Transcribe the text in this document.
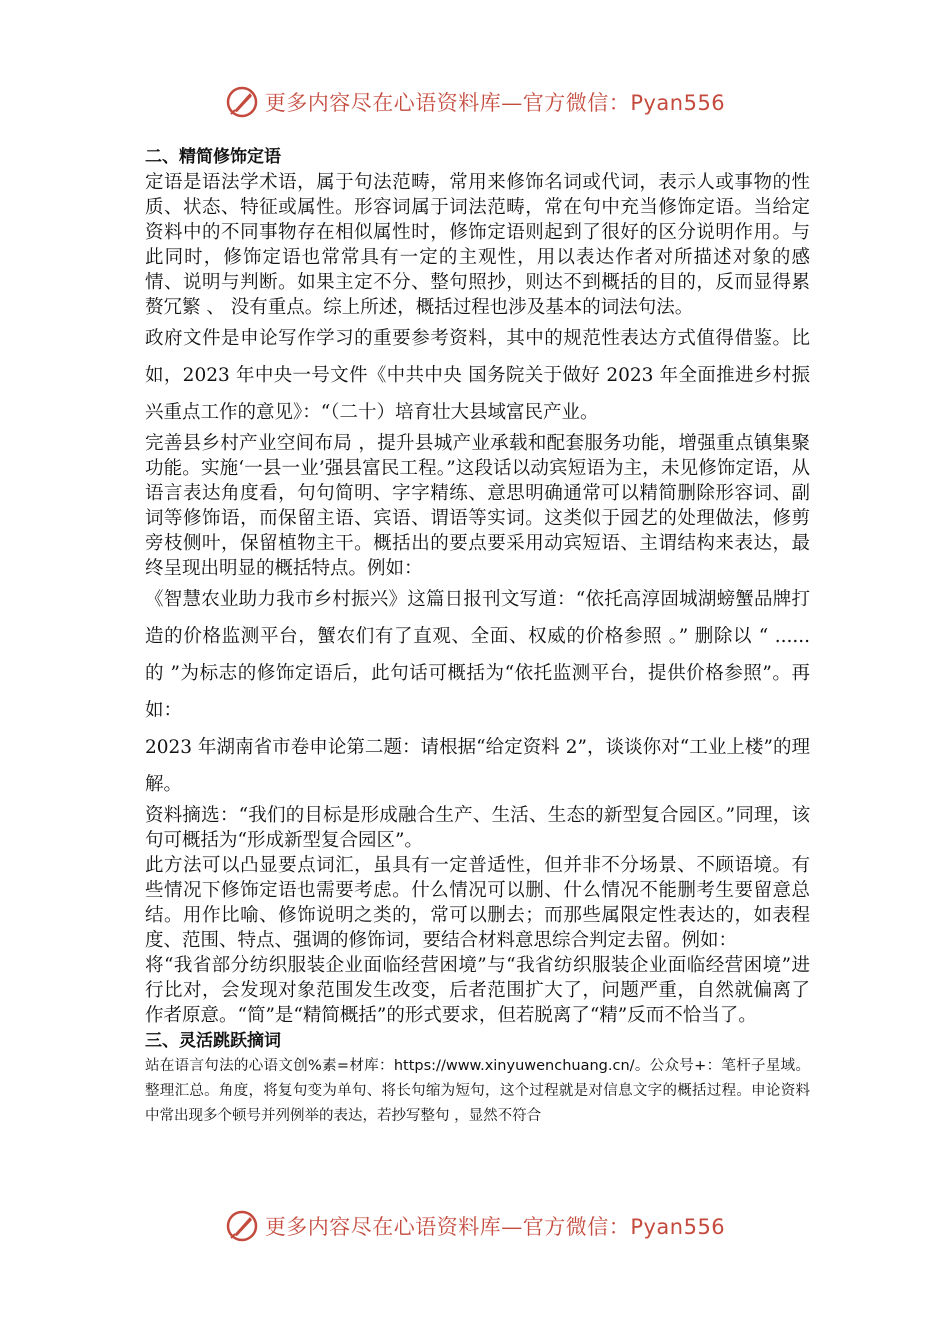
更多内容尽在心语资料库—官方微信：Pyan556

二、精简修饰定语

定语是语法学术语，属于句法范畴，常用来修饰名词或代词，表示人或事物的性质、状态、特征或属性。形容词属于词法范畴，常在句中充当修饰定语。当给定资料中的不同事物存在相似属性时，修饰定语则起到了很好的区分说明作用。与此同时，修饰定语也常常具有一定的主观性，用以表达作者对所描述对象的感情、说明与判断。如果主定不分、整句照抄，则达不到概括的目的，反而显得累赘冗繁 、 没有重点。综上所述，概括过程也涉及基本的词法句法。

政府文件是申论写作学习的重要参考资料，其中的规范性表达方式值得借鉴。比如，2023 年中央一号文件《中共中央 国务院关于做好 2023 年全面推进乡村振兴重点工作的意见》：“（二十）培育壮大县域富民产业。

完善县乡村产业空间布局 ，提升县城产业承载和配套服务功能，增强重点镇集聚功能。实施‘一县一业’强县富民工程。”这段话以动宾短语为主，未见修饰定语，从语言表达角度看，句句简明、字字精练、意思明确通常可以精简删除形容词、副词等修饰语，而保留主语、宾语、谓语等实词。这类似于园艺的处理做法，修剪旁枝侧叶，保留植物主干。概括出的要点要采用动宾短语、主谓结构来表达，最终呈现出明显的概括特点。例如：

《智慧农业助力我市乡村振兴》这篇日报刊文写道：“依托高淳固城湖螃蟹品牌打造的价格监测平台，蟹农们有了直观、全面、权威的价格参照 。” 删除以 “ ...... 的 ”为标志的修饰定语后，此句话可概括为“依托监测平台，提供价格参照”。再如：

2023 年湖南省市卷申论第二题：请根据“给定资料 2”，谈谈你对“工业上楼”的理解。

资料摘选：“我们的目标是形成融合生产、生活、生态的新型复合园区。”同理，该句可概括为“形成新型复合园区”。

此方法可以凸显要点词汇，虽具有一定普适性，但并非不分场景、不顾语境。有些情况下修饰定语也需要考虑。什么情况可以删、什么情况不能删考生要留意总结。用作比喻、修饰说明之类的，常可以删去；而那些属限定性表达的，如表程度、范围、特点、强调的修饰词，要结合材料意思综合判定去留。例如：

将“我省部分纺织服装企业面临经营困境”与“我省纺织服装企业面临经营困境”进行比对，会发现对象范围发生改变，后者范围扩大了，问题严重，自然就偏离了作者原意。“简”是“精简概括”的形式要求，但若脱离了“精”反而不恰当了。

三、灵活跳跃摘词

站在语言句法的心语文创%素=材库：https://www.xinyuwenchuang.cn/。公众号+：笔杆子星域。整理汇总。角度，将复句变为单句、将长句缩为短句，这个过程就是对信息文字的概括过程。申论资料中常出现多个顿号并列例举的表达，若抄写整句 ，显然不符合

更多内容尽在心语资料库—官方微信：Pyan556
